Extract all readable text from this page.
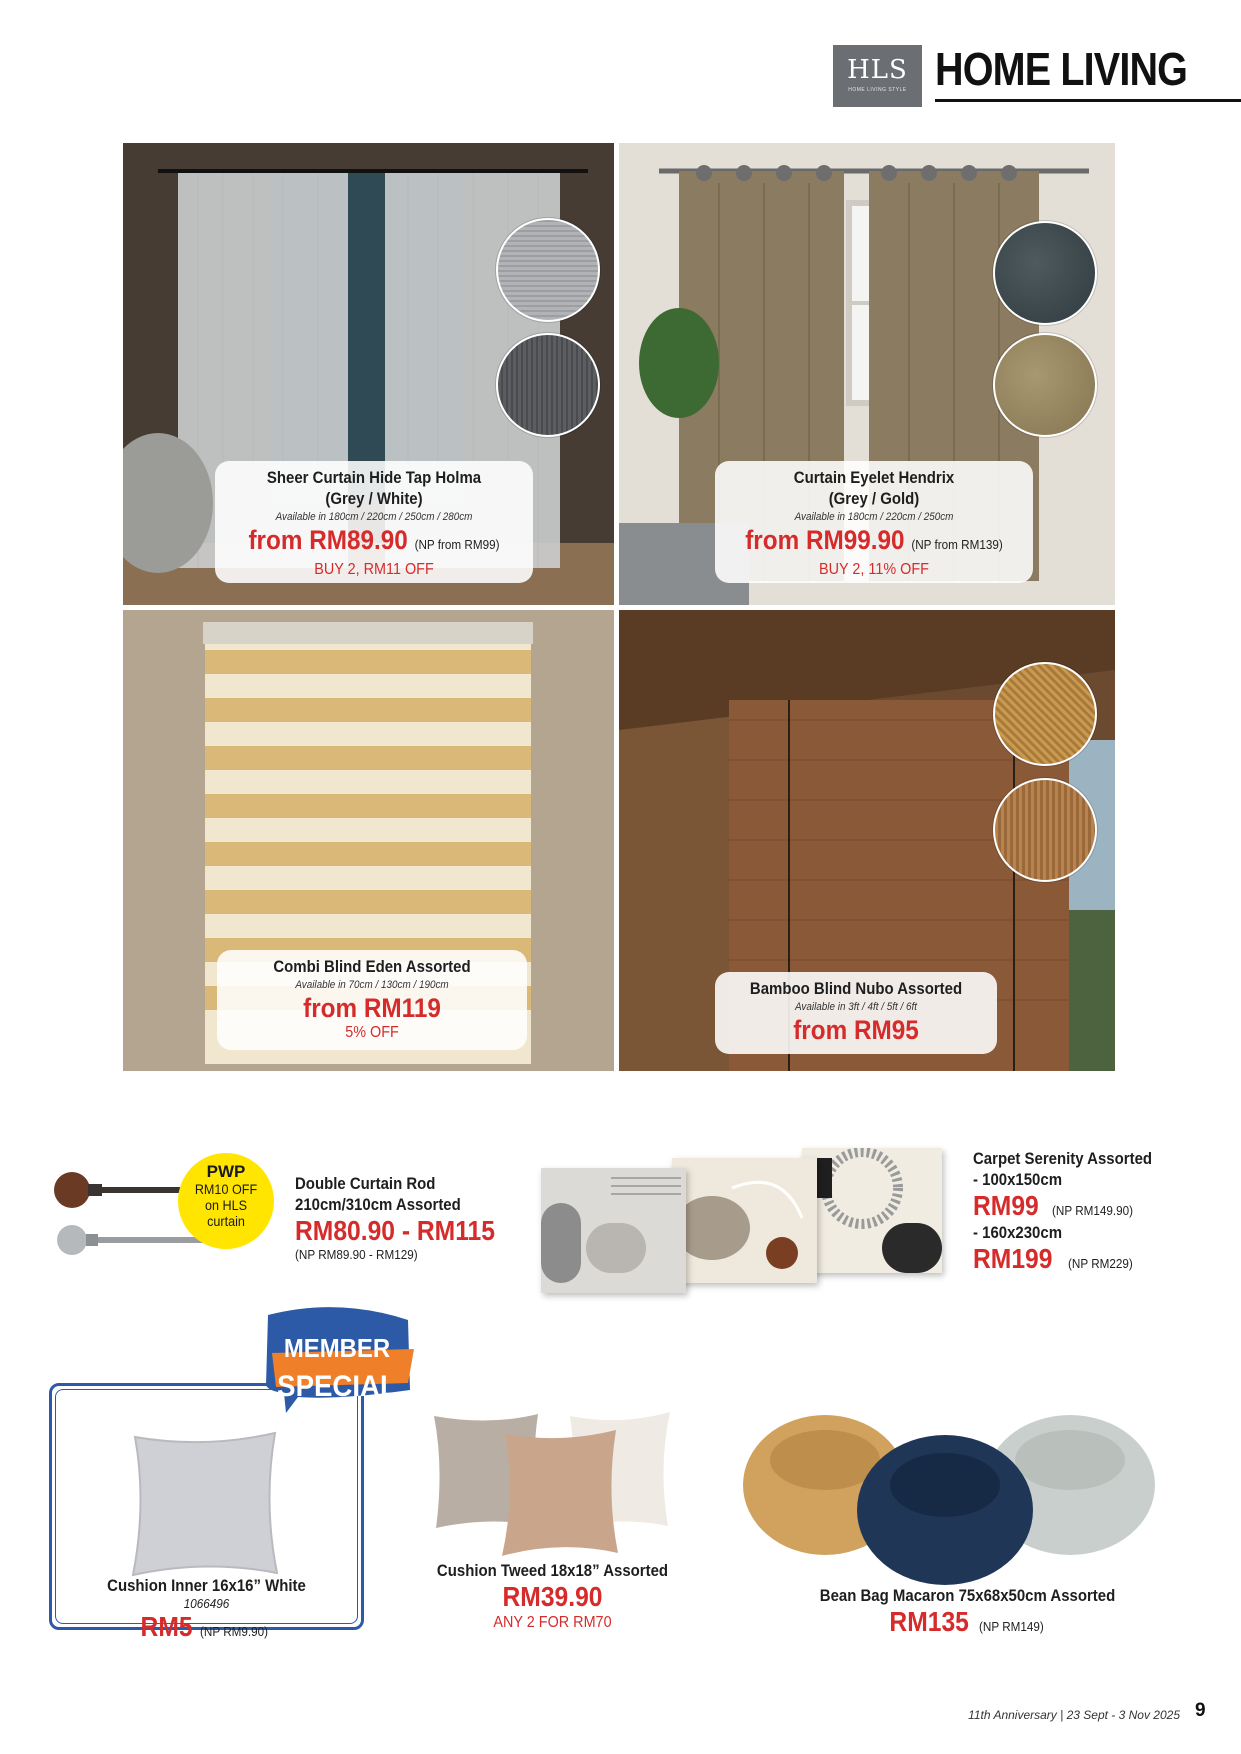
HLS
HOME LIVING STYLE HOME LIVING
Sheer Curtain Hide Tap Holma
(Grey / White)
Available in 180cm / 220cm / 250cm / 280cm
from RM89.90 (NP from RM99)
BUY 2, RM11 OFF
Curtain Eyelet Hendrix
(Grey / Gold)
Available in 180cm / 220cm / 250cm
from RM99.90 (NP from RM139)
BUY 2, 11% OFF
Combi Blind Eden Assorted
Available in 70cm / 130cm / 190cm
from RM119
5% OFF
Bamboo Blind Nubo Assorted
Available in 3ft / 4ft / 5ft / 6ft
from RM95
PWP
RM10 OFF
on HLS
curtain
Double Curtain Rod
210cm/310cm Assorted
RM80.90 - RM115
(NP RM89.90 - RM129)
Carpet Serenity Assorted
- 100x150cm
RM99 (NP RM149.90)
- 160x230cm
RM199 (NP RM229)
MEMBER
SPECIAL
Cushion Inner 16x16” White
1066496
RM5 (NP RM9.90)
Cushion Tweed 18x18” Assorted
RM39.90
ANY 2 FOR RM70
Bean Bag Macaron 75x68x50cm Assorted
RM135 (NP RM149)
11th Anniversary | 23 Sept - 3 Nov 2025 9
